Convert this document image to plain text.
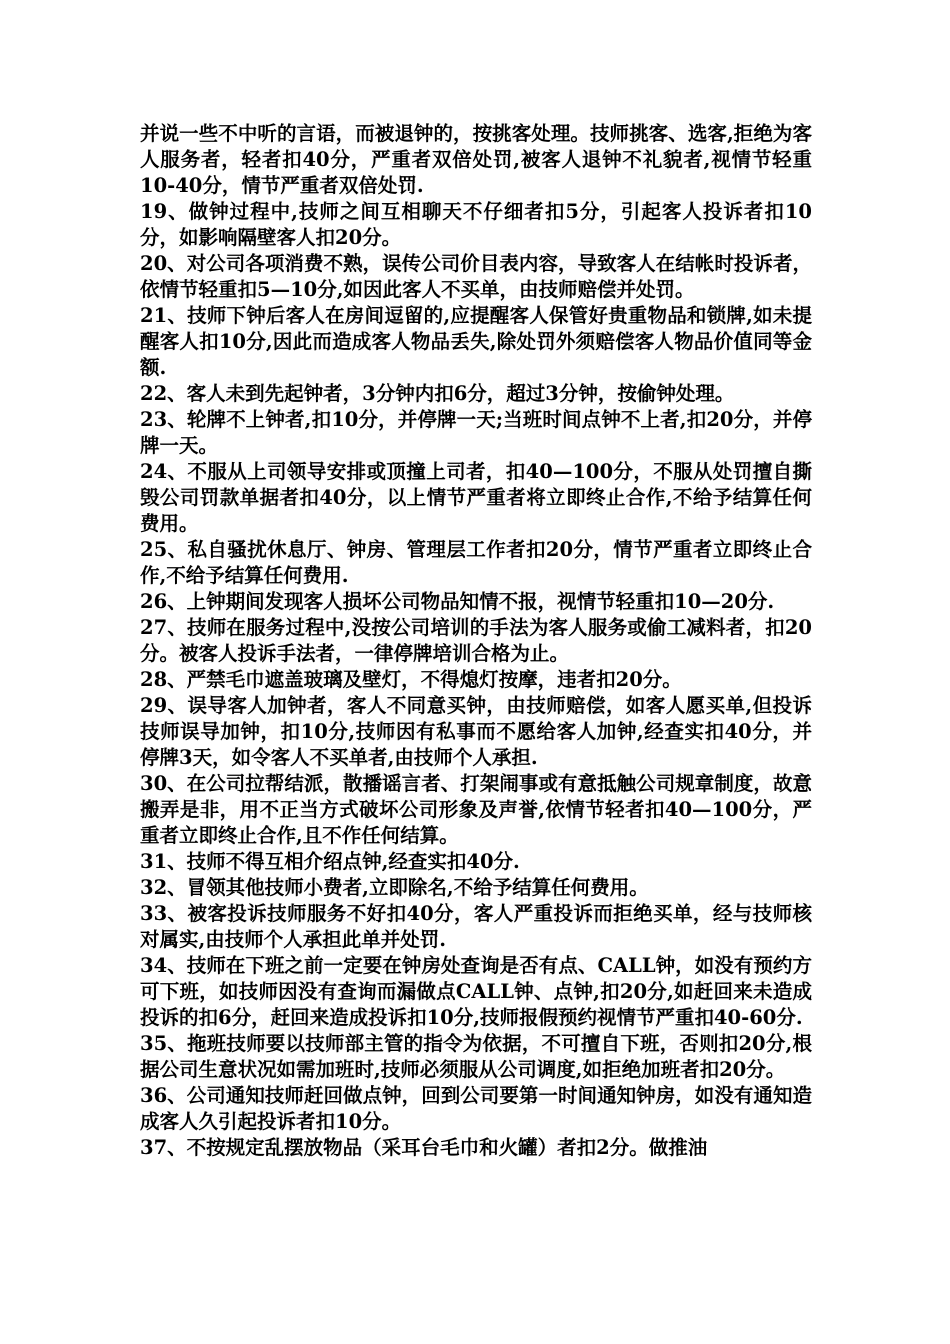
并说一些不中听的言语，而被退钟的，按挑客处理。技师挑客、选客,拒绝为客人服务者，轻者扣40分，严重者双倍处罚,被客人退钟不礼貌者,视情节轻重10-40分，情节严重者双倍处罚.

19、做钟过程中,技师之间互相聊天不仔细者扣5分，引起客人投诉者扣10分，如影响隔壁客人扣20分。

20、对公司各项消费不熟，误传公司价目表内容，导致客人在结帐时投诉者，依情节轻重扣5—10分,如因此客人不买单，由技师赔偿并处罚。

21、技师下钟后客人在房间逗留的,应提醒客人保管好贵重物品和锁牌,如未提醒客人扣10分,因此而造成客人物品丢失,除处罚外须赔偿客人物品价值同等金额.

22、客人未到先起钟者，3分钟内扣6分，超过3分钟，按偷钟处理。

23、轮牌不上钟者,扣10分，并停牌一天;当班时间点钟不上者,扣20分，并停牌一天。

24、不服从上司领导安排或顶撞上司者，扣40—100分，不服从处罚擅自撕毁公司罚款单据者扣40分，以上情节严重者将立即终止合作,不给予结算任何费用。

25、私自骚扰休息厅、钟房、管理层工作者扣20分，情节严重者立即终止合作,不给予结算任何费用.

26、上钟期间发现客人损坏公司物品知情不报，视情节轻重扣10—20分.

27、技师在服务过程中,没按公司培训的手法为客人服务或偷工减料者，扣20分。被客人投诉手法者，一律停牌培训合格为止。

28、严禁毛巾遮盖玻璃及壁灯，不得熄灯按摩，违者扣20分。

29、误导客人加钟者，客人不同意买钟，由技师赔偿，如客人愿买单,但投诉技师误导加钟，扣10分,技师因有私事而不愿给客人加钟,经查实扣40分，并停牌3天，如令客人不买单者,由技师个人承担.

30、在公司拉帮结派，散播谣言者、打架闹事或有意抵触公司规章制度，故意搬弄是非，用不正当方式破坏公司形象及声誉,依情节轻者扣40—100分，严重者立即终止合作,且不作任何结算。

31、技师不得互相介绍点钟,经查实扣40分.

32、冒领其他技师小费者,立即除名,不给予结算任何费用。

33、被客投诉技师服务不好扣40分，客人严重投诉而拒绝买单，经与技师核对属实,由技师个人承担此单并处罚.

34、技师在下班之前一定要在钟房处查询是否有点、CALL钟，如没有预约方可下班，如技师因没有查询而漏做点CALL钟、点钟,扣20分,如赶回来未造成投诉的扣6分，赶回来造成投诉扣10分,技师报假预约视情节严重扣40-60分.

35、拖班技师要以技师部主管的指令为依据，不可擅自下班，否则扣20分,根据公司生意状况如需加班时,技师必须服从公司调度,如拒绝加班者扣20分。

36、公司通知技师赶回做点钟，回到公司要第一时间通知钟房，如没有通知造成客人久引起投诉者扣10分。

37、不按规定乱摆放物品（采耳台毛巾和火罐）者扣2分。做推油
